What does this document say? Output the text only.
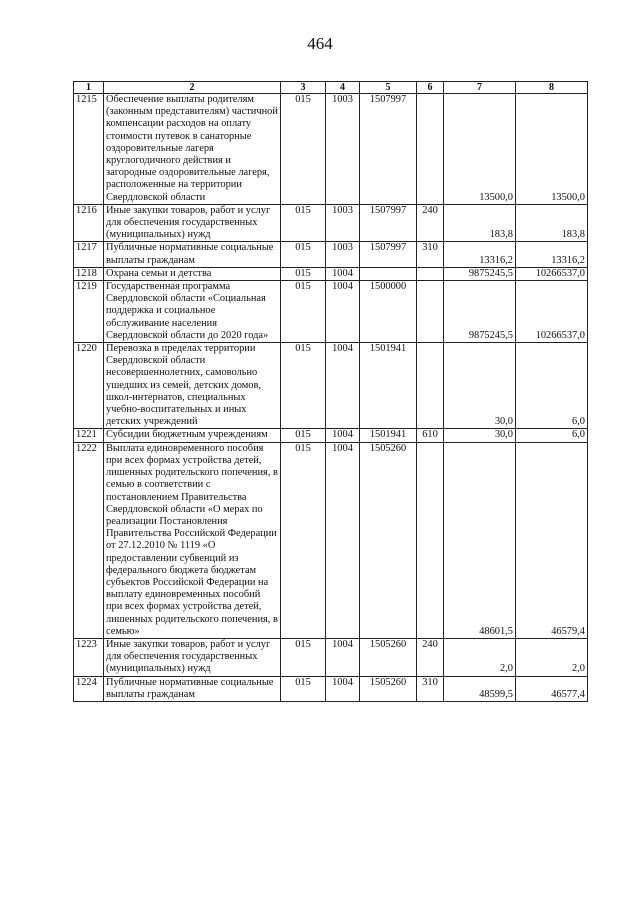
464
1	2	3	4	5	6	7	8
1215	Обеспечение выплаты родителям (законным представителям) частичной компенсации расходов на оплату стоимости путевок в санаторные оздоровительные лагеря круглогодичного действия и загородные оздоровительные лагеря, расположенные на территории Свердловской области	015	1003	1507997		13500,0	13500,0
1216	Иные закупки товаров, работ и услуг для обеспечения государственных (муниципальных) нужд	015	1003	1507997	240	183,8	183,8
1217	Публичные нормативные социальные выплаты гражданам	015	1003	1507997	310	13316,2	13316,2
1218	Охрана семьи и детства	015	1004			9875245,5	10266537,0
1219	Государственная программа Свердловской области «Социальная поддержка и социальное обслуживание населения Свердловской области до 2020 года»	015	1004	1500000		9875245,5	10266537,0
1220	Перевозка в пределах территории Свердловской области несовершеннолетних, самовольно ушедших из семей, детских домов, школ-интернатов, специальных учебно-воспитательных и иных детских учреждений	015	1004	1501941		30,0	6,0
1221	Субсидии бюджетным учреждениям	015	1004	1501941	610	30,0	6,0
1222	Выплата единовременного пособия при всех формах устройства детей, лишенных родительского попечения, в семью в соответствии с постановлением Правительства Свердловской области «О мерах по реализации Постановления Правительства Российской Федерации от 27.12.2010 № 1119 «О предоставлении субвенций из федерального бюджета бюджетам субъектов Российской Федерации на выплату единовременных пособий при всех формах устройства детей, лишенных родительского попечения, в семью»	015	1004	1505260		48601,5	46579,4
1223	Иные закупки товаров, работ и услуг для обеспечения государственных (муниципальных) нужд	015	1004	1505260	240	2,0	2,0
1224	Публичные нормативные социальные выплаты гражданам	015	1004	1505260	310	48599,5	46577,4
